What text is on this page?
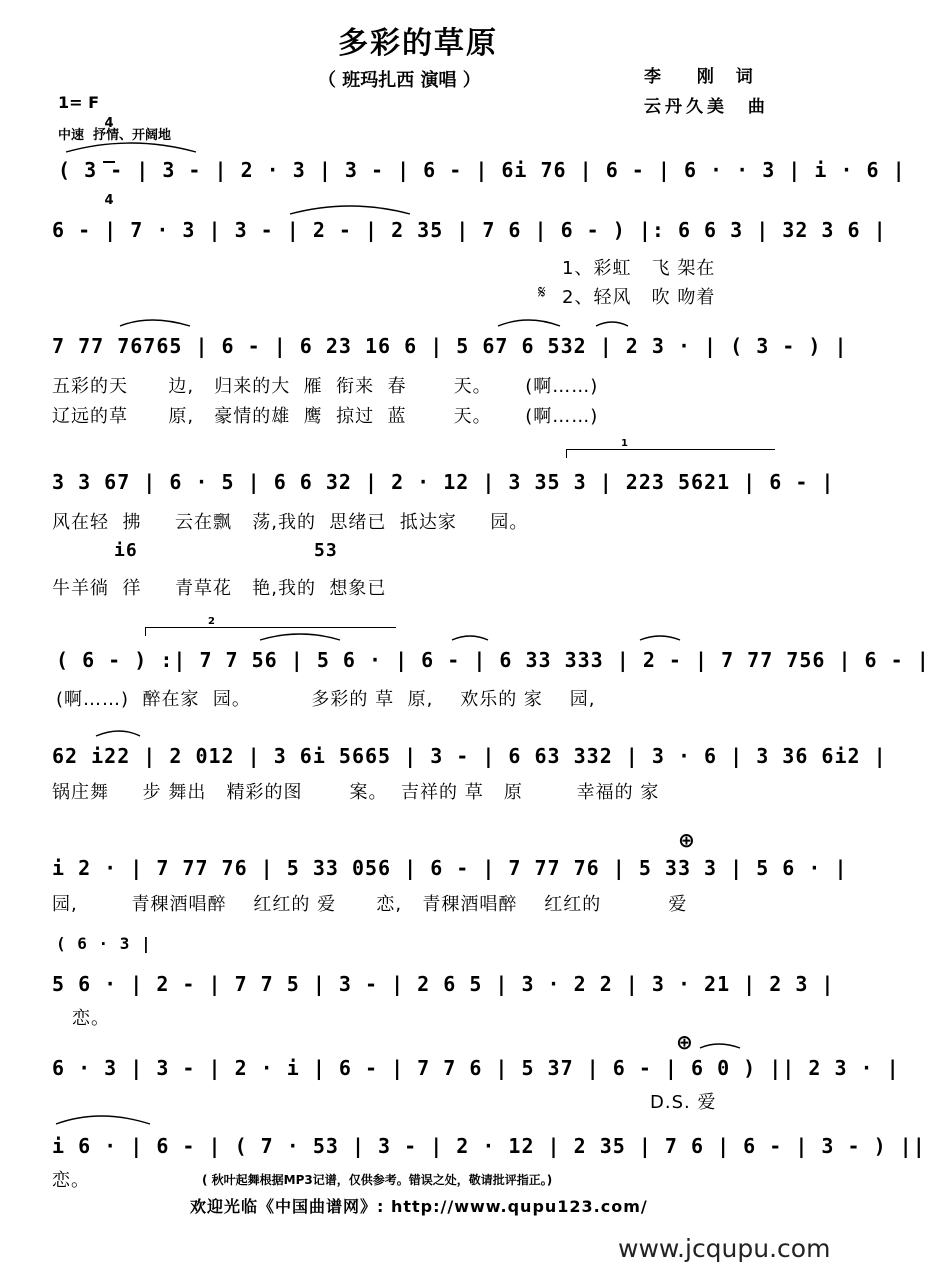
多彩的草原
（ 班玛扎西 演唱 ）	李  刚 词
云丹久美  曲
1= F

4

4

中速  抒情、开阔地
( 3 - | 3 - | 2 · 3 | 3 - | 6 - | 6i 76 | 6 - | 6 · · 3 | i · 6 |
6 - | 7 · 3 | 3 - | 2 - | 2 35 | 7 6 | 6 - ) |: 6 6 3 | 32 3 6 |
1、彩虹   飞 架在
2、轻风   吹 吻着
𝄋
7 77 76765 | 6 - | 6 23 16 6 | 5 67 6 532 | 2 3 · | ( 3 - ) |
五彩的天      边,   归来的大  雁  衔来  春       天。     (啊……)
辽远的草      原,   豪情的雄  鹰  掠过  蓝       天。     (啊……)
1
3 3 67 | 6 · 5 | 6 6 32 | 2 · 12 | 3 35 3 | 223 5621 | 6 - |
风在轻  拂     云在飘   荡,我的  思绪已  抵达家     园。
i6	53
牛羊徜  徉     青草花   艳,我的  想象已
2
( 6 - ) :| 7 7 56 | 5 6 · | 6 - | 6 33 333 | 2 - | 7 77 756 | 6 - |
(啊……)  醉在家  园。         多彩的 草  原,    欢乐的 家    园,
62 i22 | 2 012 | 3 6i 5665 | 3 - | 6 63 332 | 3 · 6 | 3 36 6i2 |
锅庄舞     步 舞出   精彩的图       案。  吉祥的 草   原        幸福的 家
⊕
i 2 · | 7 77 76 | 5 33 056 | 6 - | 7 77 76 | 5 33 3 | 5 6 · |
园,        青稞酒唱醉    红红的 爱      恋,   青稞酒唱醉    红红的          爱
( 6 · 3 |
5 6 · | 2 - | 7 7 5 | 3 - | 2 6 5 | 3 · 2 2 | 3 · 21 | 2 3 |
恋。
⊕
6 · 3 | 3 - | 2 · i | 6 - | 7 7 6 | 5 37 | 6 - | 6 0 ) || 2 3 · |
D.S. 爱
i 6 · | 6 - | ( 7 · 53 | 3 - | 2 · 12 | 2 35 | 7 6 | 6 - | 3 - ) ||
恋。	( 秋叶起舞根据MP3记谱，仅供参考。错误之处，敬请批评指正。)
欢迎光临《中国曲谱网》: http://www.qupu123.com/
www.jcqupu.com
